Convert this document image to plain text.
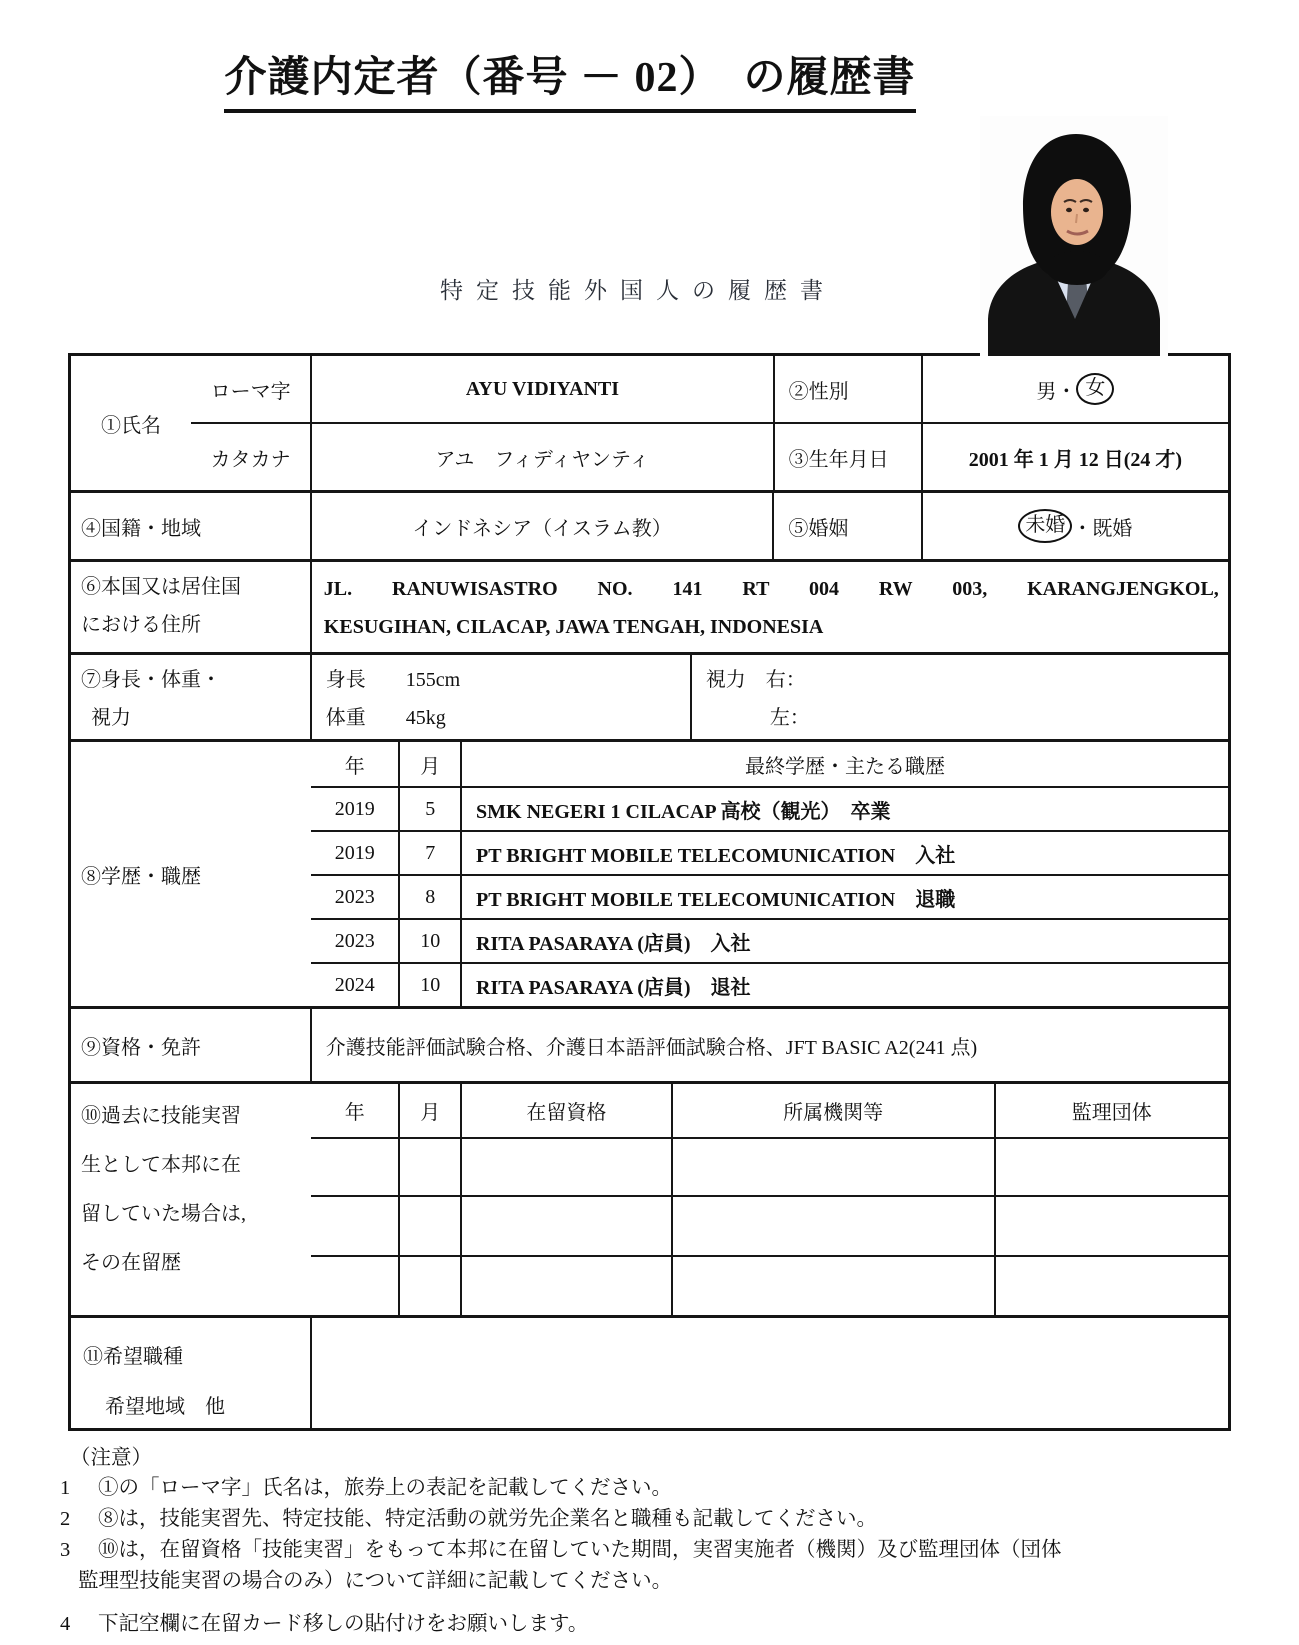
介護内定者（番号 － 02）　の履歴書
特定技能外国人の履歴書
①氏名
ローマ字	AYU VIDIYANTI	②性別	男 ・ 女
カタカナ	アユ　フィディヤンティ	③生年月日	2001 年 1 月 12 日(24 才)
④国籍・地域	インドネシア（イスラム教）	⑤婚姻	未婚 ・ 既婚
⑥本国又は居住国
における住所
JL. RANUWISASTRO NO. 141 RT 004 RW 003, KARANGJENGKOL,
KESUGIHAN, CILACAP, JAWA TENGAH, INDONESIA
⑦身長・体重・
視力
身長　　155cm
体重　　45kg
視力　右：
左：
⑧学歴・職歴
年	月	最終学歴・主たる職歴
2019	5	SMK NEGERI 1 CILACAP 高校（観光）　卒業
2019	7	PT BRIGHT MOBILE TELECOMUNICATION　入社
2023	8	PT BRIGHT MOBILE TELECOMUNICATION　退職
2023	10	RITA PASARAYA (店員)　入社
2024	10	RITA PASARAYA (店員)　退社
⑨資格・免許	介護技能評価試験合格、介護日本語評価試験合格、JFT BASIC A2(241 点)
⑩過去に技能実習
生として本邦に在
留していた場合は,
その在留歴
年	月	在留資格	所属機関等	監理団体
⑪希望職種
希望地域　他
（注意）
1	①の「ローマ字」氏名は，旅券上の表記を記載してください。
2	⑧は，技能実習先、特定技能、特定活動の就労先企業名と職種も記載してください。
3	⑩は，在留資格「技能実習」をもって本邦に在留していた期間，実習実施者（機関）及び監理団体（団体
監理型技能実習の場合のみ）について詳細に記載してください。
4	下記空欄に在留カード移しの貼付けをお願いします。
